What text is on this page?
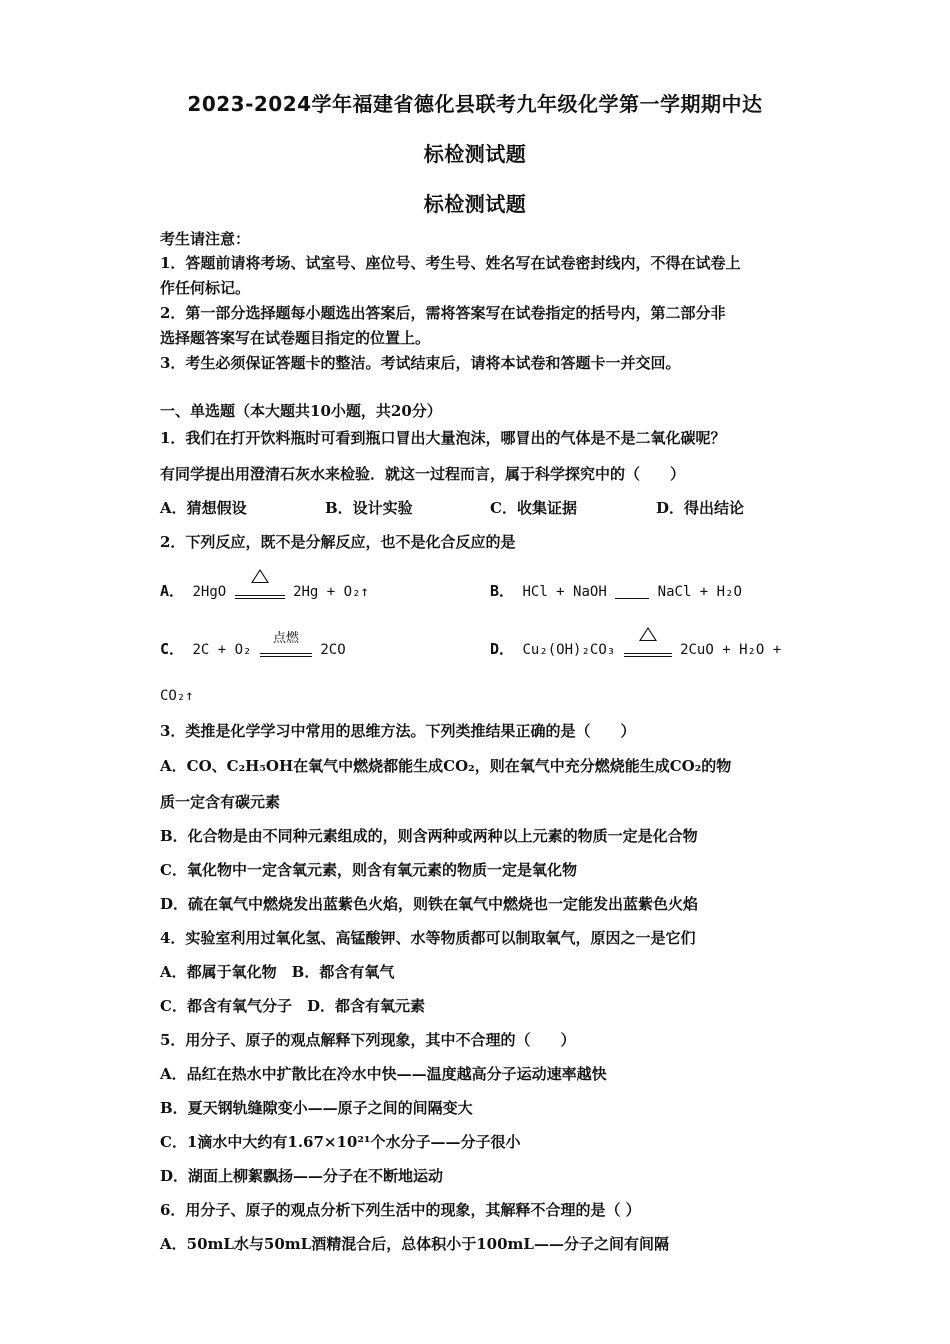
2023-2024学年福建省德化县联考九年级化学第一学期期中达
标检测试题
标检测试题
考生请注意：
1．答题前请将考场、试室号、座位号、考生号、姓名写在试卷密封线内，不得在试卷上
作任何标记。
2．第一部分选择题每小题选出答案后，需将答案写在试卷指定的括号内，第二部分非
选择题答案写在试卷题目指定的位置上。
3．考生必须保证答题卡的整洁。考试结束后，请将本试卷和答题卡一并交回。
一、单选题（本大题共10小题，共20分）
1．我们在打开饮料瓶时可看到瓶口冒出大量泡沫，哪冒出的气体是不是二氧化碳呢？
有同学提出用澄清石灰水来检验．就这一过程而言，属于科学探究中的（　　）
A．猜想假设	B．设计实验	C．收集证据	D．得出结论
2．下列反应，既不是分解反应，也不是化合反应的是
A． 2HgO	2Hg + O₂↑	B． HCl + NaOH	NaCl + H₂O
C． 2C + O₂
点燃
2CO	D． Cu₂(OH)₂CO₃	2CuO + H₂O +
CO₂↑
3．类推是化学学习中常用的思维方法。下列类推结果正确的是（　　）
A．CO、C₂H₅OH在氧气中燃烧都能生成CO₂，则在氧气中充分燃烧能生成CO₂的物
质一定含有碳元素
B．化合物是由不同种元素组成的，则含两种或两种以上元素的物质一定是化合物
C．氧化物中一定含氧元素，则含有氧元素的物质一定是氧化物
D．硫在氧气中燃烧发出蓝紫色火焰，则铁在氧气中燃烧也一定能发出蓝紫色火焰
4．实验室利用过氧化氢、高锰酸钾、水等物质都可以制取氧气，原因之一是它们
A．都属于氧化物　B．都含有氧气
C．都含有氧气分子　D．都含有氧元素
5．用分子、原子的观点解释下列现象，其中不合理的（　　）
A．品红在热水中扩散比在冷水中快——温度越高分子运动速率越快
B．夏天钢轨缝隙变小——原子之间的间隔变大
C．1滴水中大约有1.67×10²¹个水分子——分子很小
D．湖面上柳絮飘扬——分子在不断地运动
6．用分子、原子的观点分析下列生活中的现象，其解释不合理的是（ ）
A．50mL水与50mL酒精混合后，总体积小于100mL——分子之间有间隔
